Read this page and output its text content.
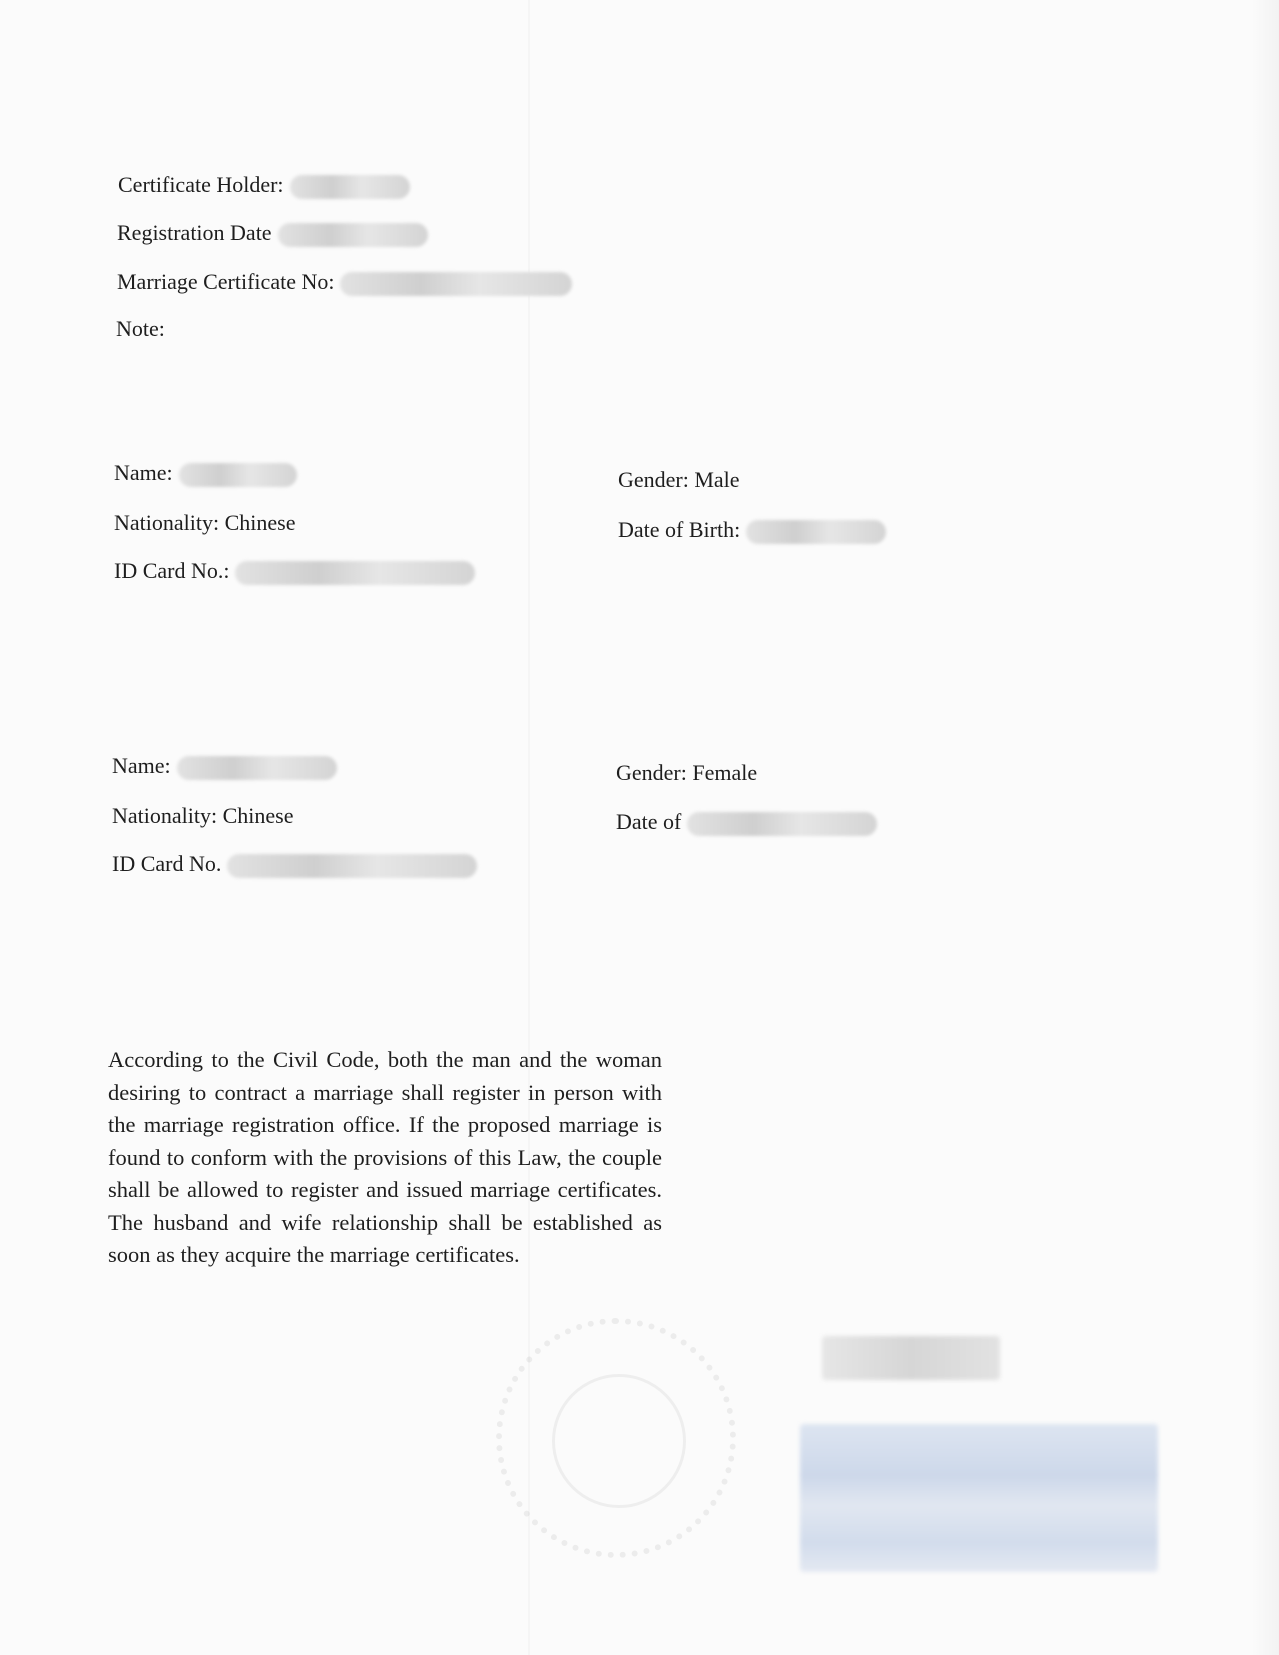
Certificate Holder:
Registration Date
Marriage Certificate No:
Note:
Name:
Nationality: Chinese
ID Card No.:
Gender: Male
Date of Birth:
Name:
Nationality: Chinese
ID Card No.
Gender: Female
Date of
According to the Civil Code, both the man and the woman desiring to contract a marriage shall register in person with the marriage registration office. If the proposed marriage is found to conform with the provisions of this Law, the couple shall be allowed to register and issued marriage certificates. The husband and wife relationship shall be established as soon as they acquire the marriage certificates.
